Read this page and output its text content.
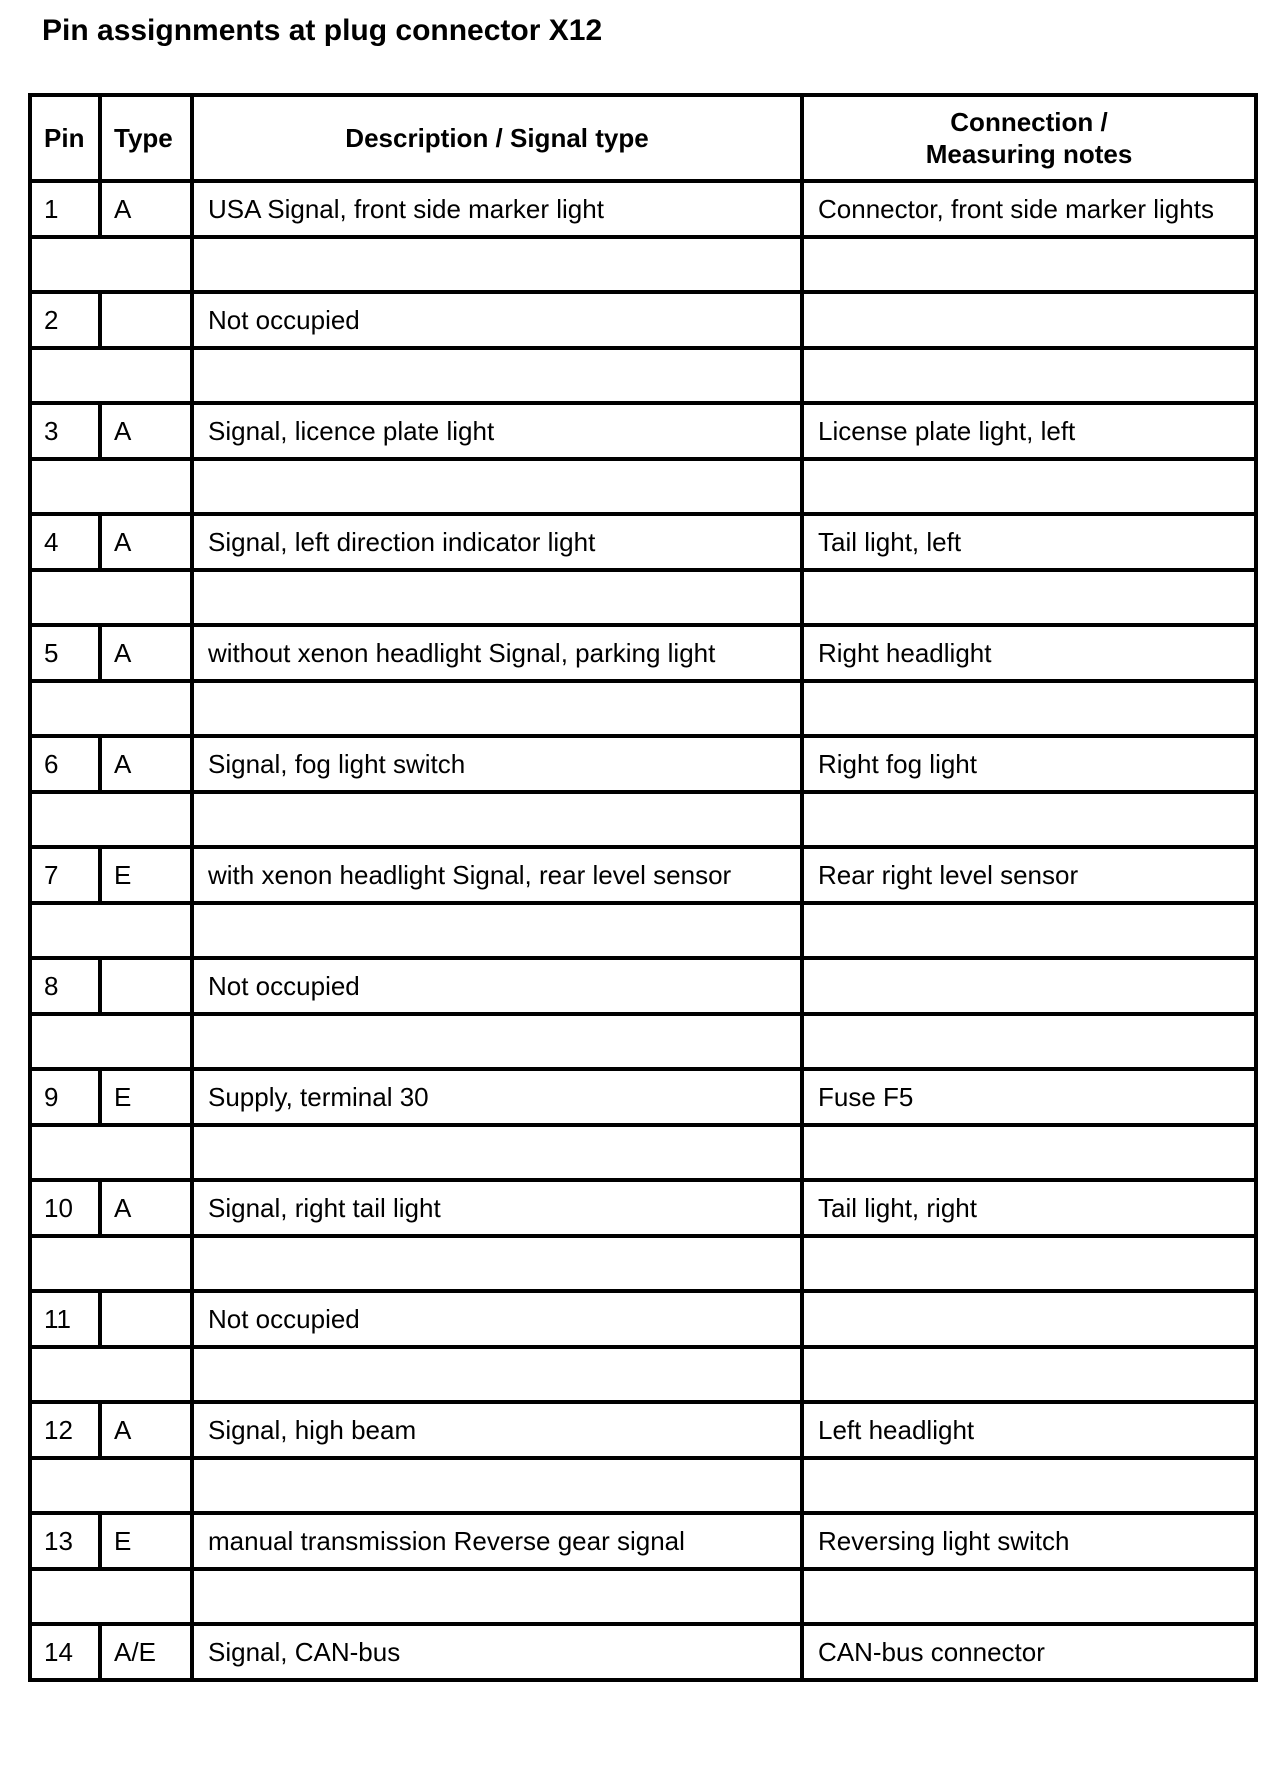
Pin assignments at plug connector X12
Pin	Type	Description / Signal type	Connection /
Measuring notes

1	A	USA Signal, front side marker light	Connector, front side marker lights

2		Not occupied	

3	A	Signal, licence plate light	License plate light, left

4	A	Signal, left direction indicator light	Tail light, left

5	A	without xenon headlight Signal, parking light	Right headlight

6	A	Signal, fog light switch	Right fog light

7	E	with xenon headlight Signal, rear level sensor	Rear right level sensor

8		Not occupied	

9	E	Supply, terminal 30	Fuse F5

10	A	Signal, right tail light	Tail light, right

11		Not occupied	

12	A	Signal, high beam	Left headlight

13	E	manual transmission Reverse gear signal	Reversing light switch

14	A/E	Signal, CAN-bus	CAN-bus connector
